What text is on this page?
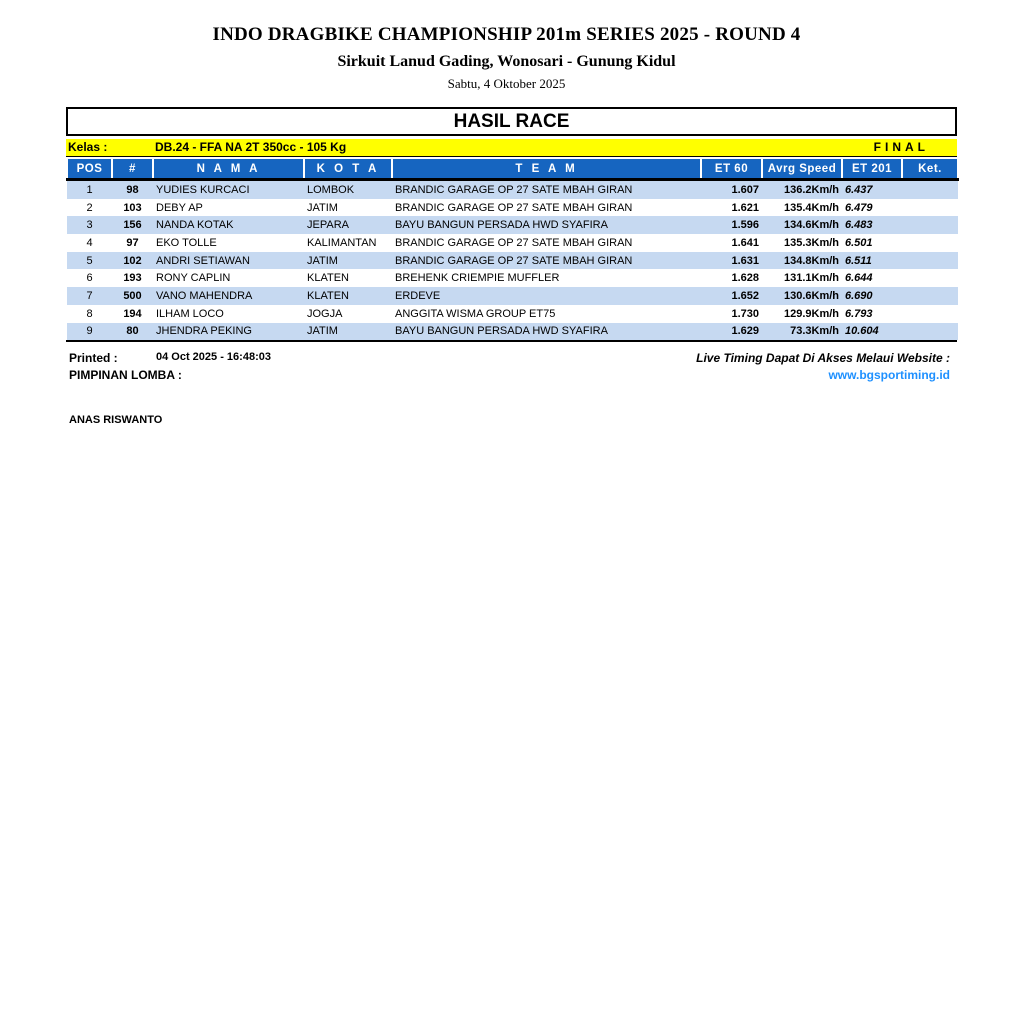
INDO DRAGBIKE CHAMPIONSHIP 201m SERIES 2025 - ROUND 4
Sirkuit Lanud Gading, Wonosari - Gunung Kidul
Sabtu, 4 Oktober 2025
HASIL RACE
Kelas :	DB.24 - FFA NA 2T 350cc - 105 Kg	FINAL
POS	#	N A M A	K O T A	T E A M	ET 60	Avrg Speed	ET 201	Ket.
1	98	YUDIES KURCACI	LOMBOK	BRANDIC GARAGE OP 27 SATE MBAH GIRAN	1.607	136.2Km/h	6.437	
2	103	DEBY AP	JATIM	BRANDIC GARAGE OP 27 SATE MBAH GIRAN	1.621	135.4Km/h	6.479	
3	156	NANDA KOTAK	JEPARA	BAYU BANGUN PERSADA HWD SYAFIRA	1.596	134.6Km/h	6.483	
4	97	EKO TOLLE	KALIMANTAN	BRANDIC GARAGE OP 27 SATE MBAH GIRAN	1.641	135.3Km/h	6.501	
5	102	ANDRI SETIAWAN	JATIM	BRANDIC GARAGE OP 27 SATE MBAH GIRAN	1.631	134.8Km/h	6.511	
6	193	RONY CAPLIN	KLATEN	BREHENK CRIEMPIE MUFFLER	1.628	131.1Km/h	6.644	
7	500	VANO MAHENDRA	KLATEN	ERDEVE	1.652	130.6Km/h	6.690	
8	194	ILHAM LOCO	JOGJA	ANGGITA WISMA GROUP ET75	1.730	129.9Km/h	6.793	
9	80	JHENDRA PEKING	JATIM	BAYU BANGUN PERSADA HWD SYAFIRA	1.629	73.3Km/h	10.604	
Printed :	04 Oct 2025 - 16:48:03	Live Timing Dapat Di Akses Melaui Website :
PIMPINAN LOMBA :	www.bgsportiming.id
ANAS RISWANTO
